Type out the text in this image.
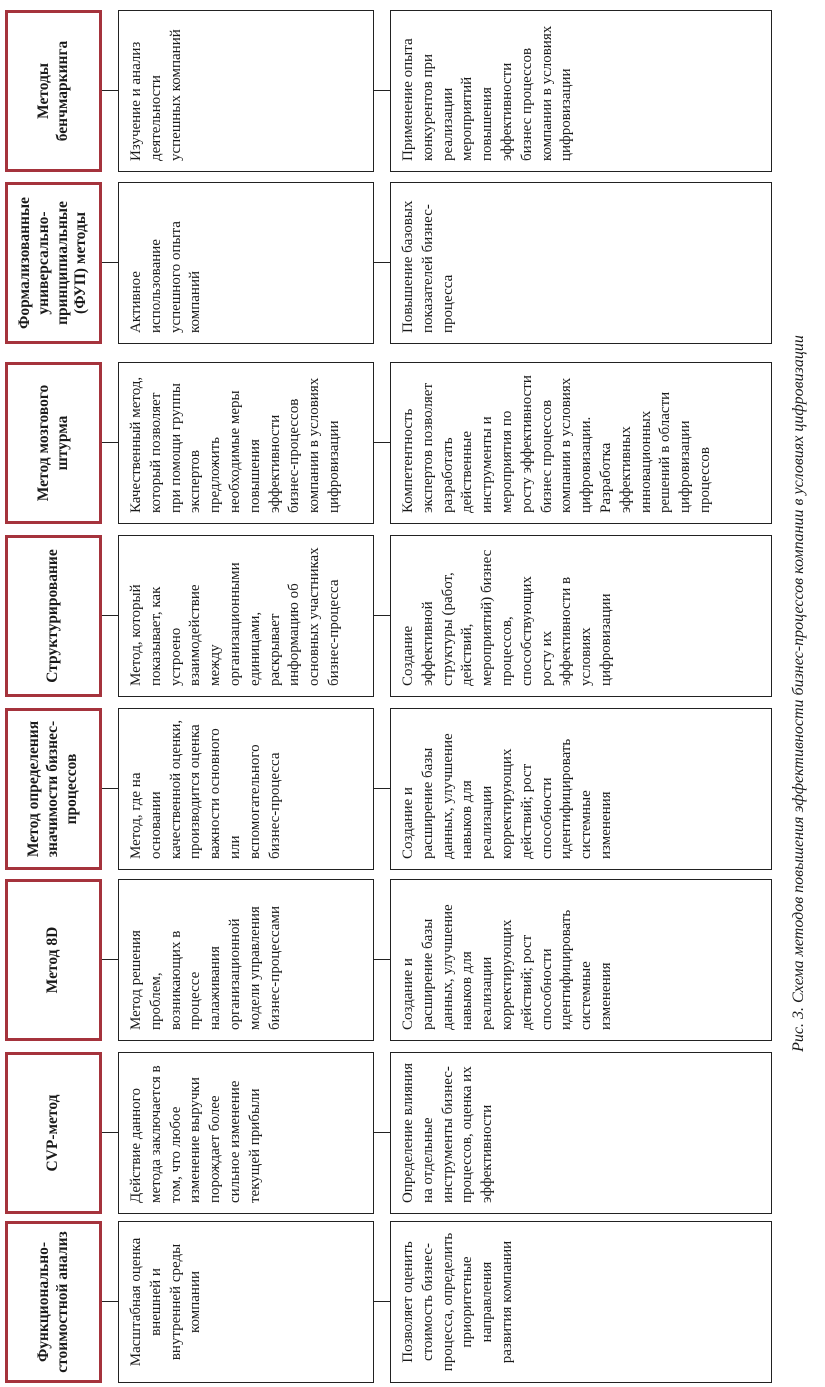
Функционально-стоимостной анализ	Масштабная оценка внешней и внутренней среды компании	Позволяет оценить стоимость бизнес-процесса, определить приоритетные направления развития компании
CVP-метод	Действие данного метода заключается в том, что любое изменение выручки порождает более сильное изменение текущей прибыли	Определение влияния на отдельные инструменты бизнес-процессов, оценка их эффективности
Метод 8D	Метод решения проблем, возникающих в процессе налаживания организационной модели управления бизнес-процессами	Создание и расширение базы данных, улучшение навыков для реализации корректирующих действий; рост способности идентифицировать системные изменения
Метод определения значимости бизнес-процессов	Метод, где на основании качественной оценки, производится оценка важности основного или вспомогательного бизнес-процесса	Создание и расширение базы данных, улучшение навыков для реализации корректирующих действий; рост способности идентифицировать системные изменения
Структурирование	Метод, который показывает, как устроено взаимодействие между организационными единицами, раскрывает информацию об основных участниках бизнес-процесса	Создание эффективной структуры (работ, действий, мероприятий) бизнес процессов, способствующих росту их эффективности в условиях цифровизации
Метод мозгового штурма	Качественный метод, который позволяет при помощи группы экспертов предложить необходимые меры повышения эффективности бизнес-процессов компании в условиях цифровизации	Компетентность экспертов позволяет разработать действенные инструменты и мероприятия по росту эффективности бизнес процессов компании в условиях цифровизации. Разработка эффективных инновационных решений в области цифровизации процессов
Формализованные универсально-принципиальные (ФУП) методы	Активное использование успешного опыта компаний	Повышение базовых показателей бизнес-процесса
Методы бенчмаркинга	Изучение и анализ деятельности успешных компаний	Применение опыта конкурентов при реализации мероприятий повышения эффективности бизнес процессов компании в условиях цифровизации
Рис. 3. Схема методов повышения эффективности бизнес-процессов компании в условиях цифровизации
